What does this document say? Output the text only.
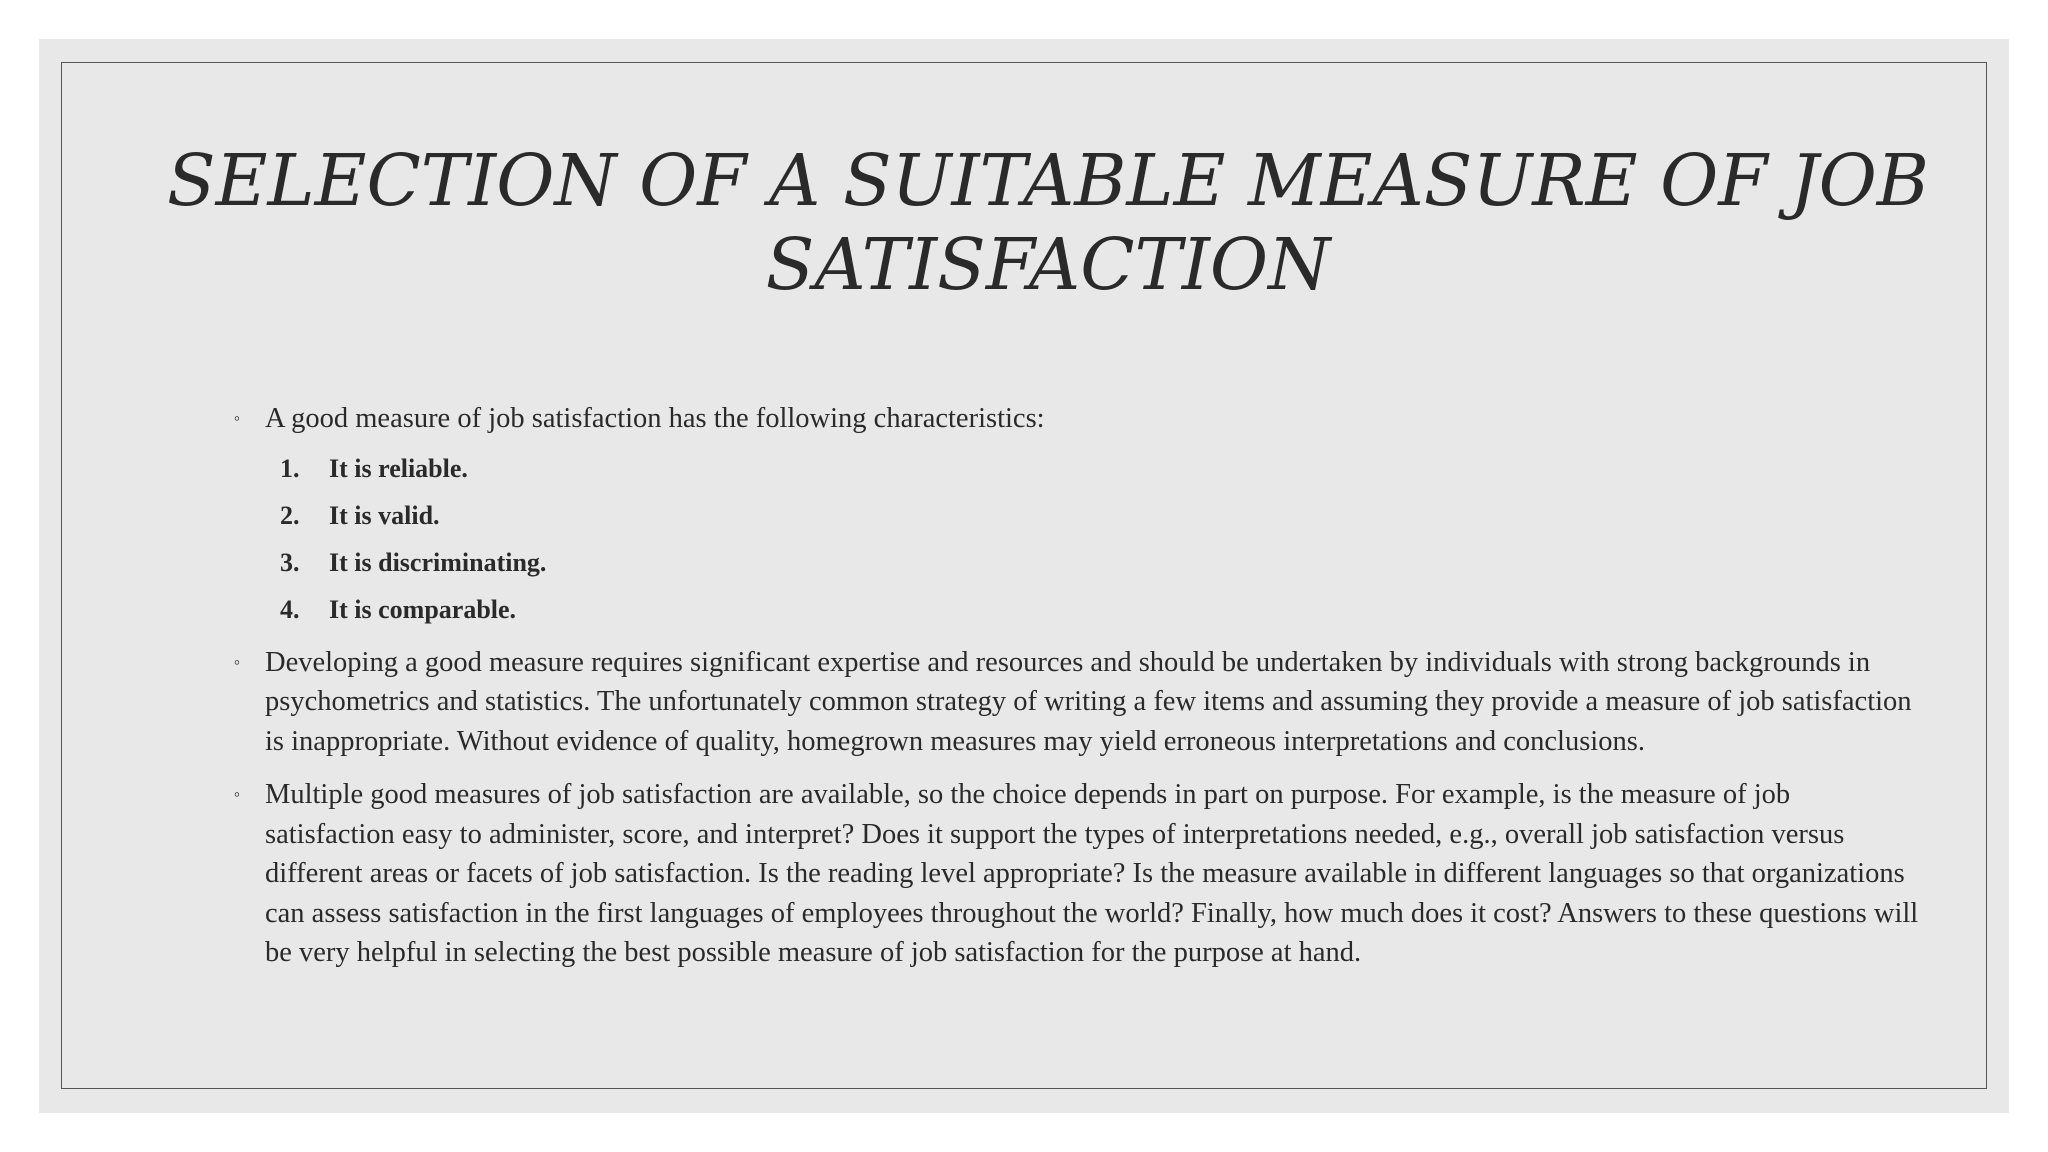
SELECTION OF A SUITABLE MEASURE OF JOB
SATISFACTION
◦ A good measure of job satisfaction has the following characteristics:
1. It is reliable.
2. It is valid.
3. It is discriminating.
4. It is comparable.
◦ Developing a good measure requires significant expertise and resources and should be undertaken by individuals with strong backgrounds in psychometrics and statistics. The unfortunately common strategy of writing a few items and assuming they provide a measure of job satisfaction is inappropriate. Without evidence of quality, homegrown measures may yield erroneous interpretations and conclusions.
◦ Multiple good measures of job satisfaction are available, so the choice depends in part on purpose. For example, is the measure of job satisfaction easy to administer, score, and interpret? Does it support the types of interpretations needed, e.g., overall job satisfaction versus different areas or facets of job satisfaction. Is the reading level appropriate? Is the measure available in different languages so that organizations can assess satisfaction in the first languages of employees throughout the world? Finally, how much does it cost? Answers to these questions will be very helpful in selecting the best possible measure of job satisfaction for the purpose at hand.
